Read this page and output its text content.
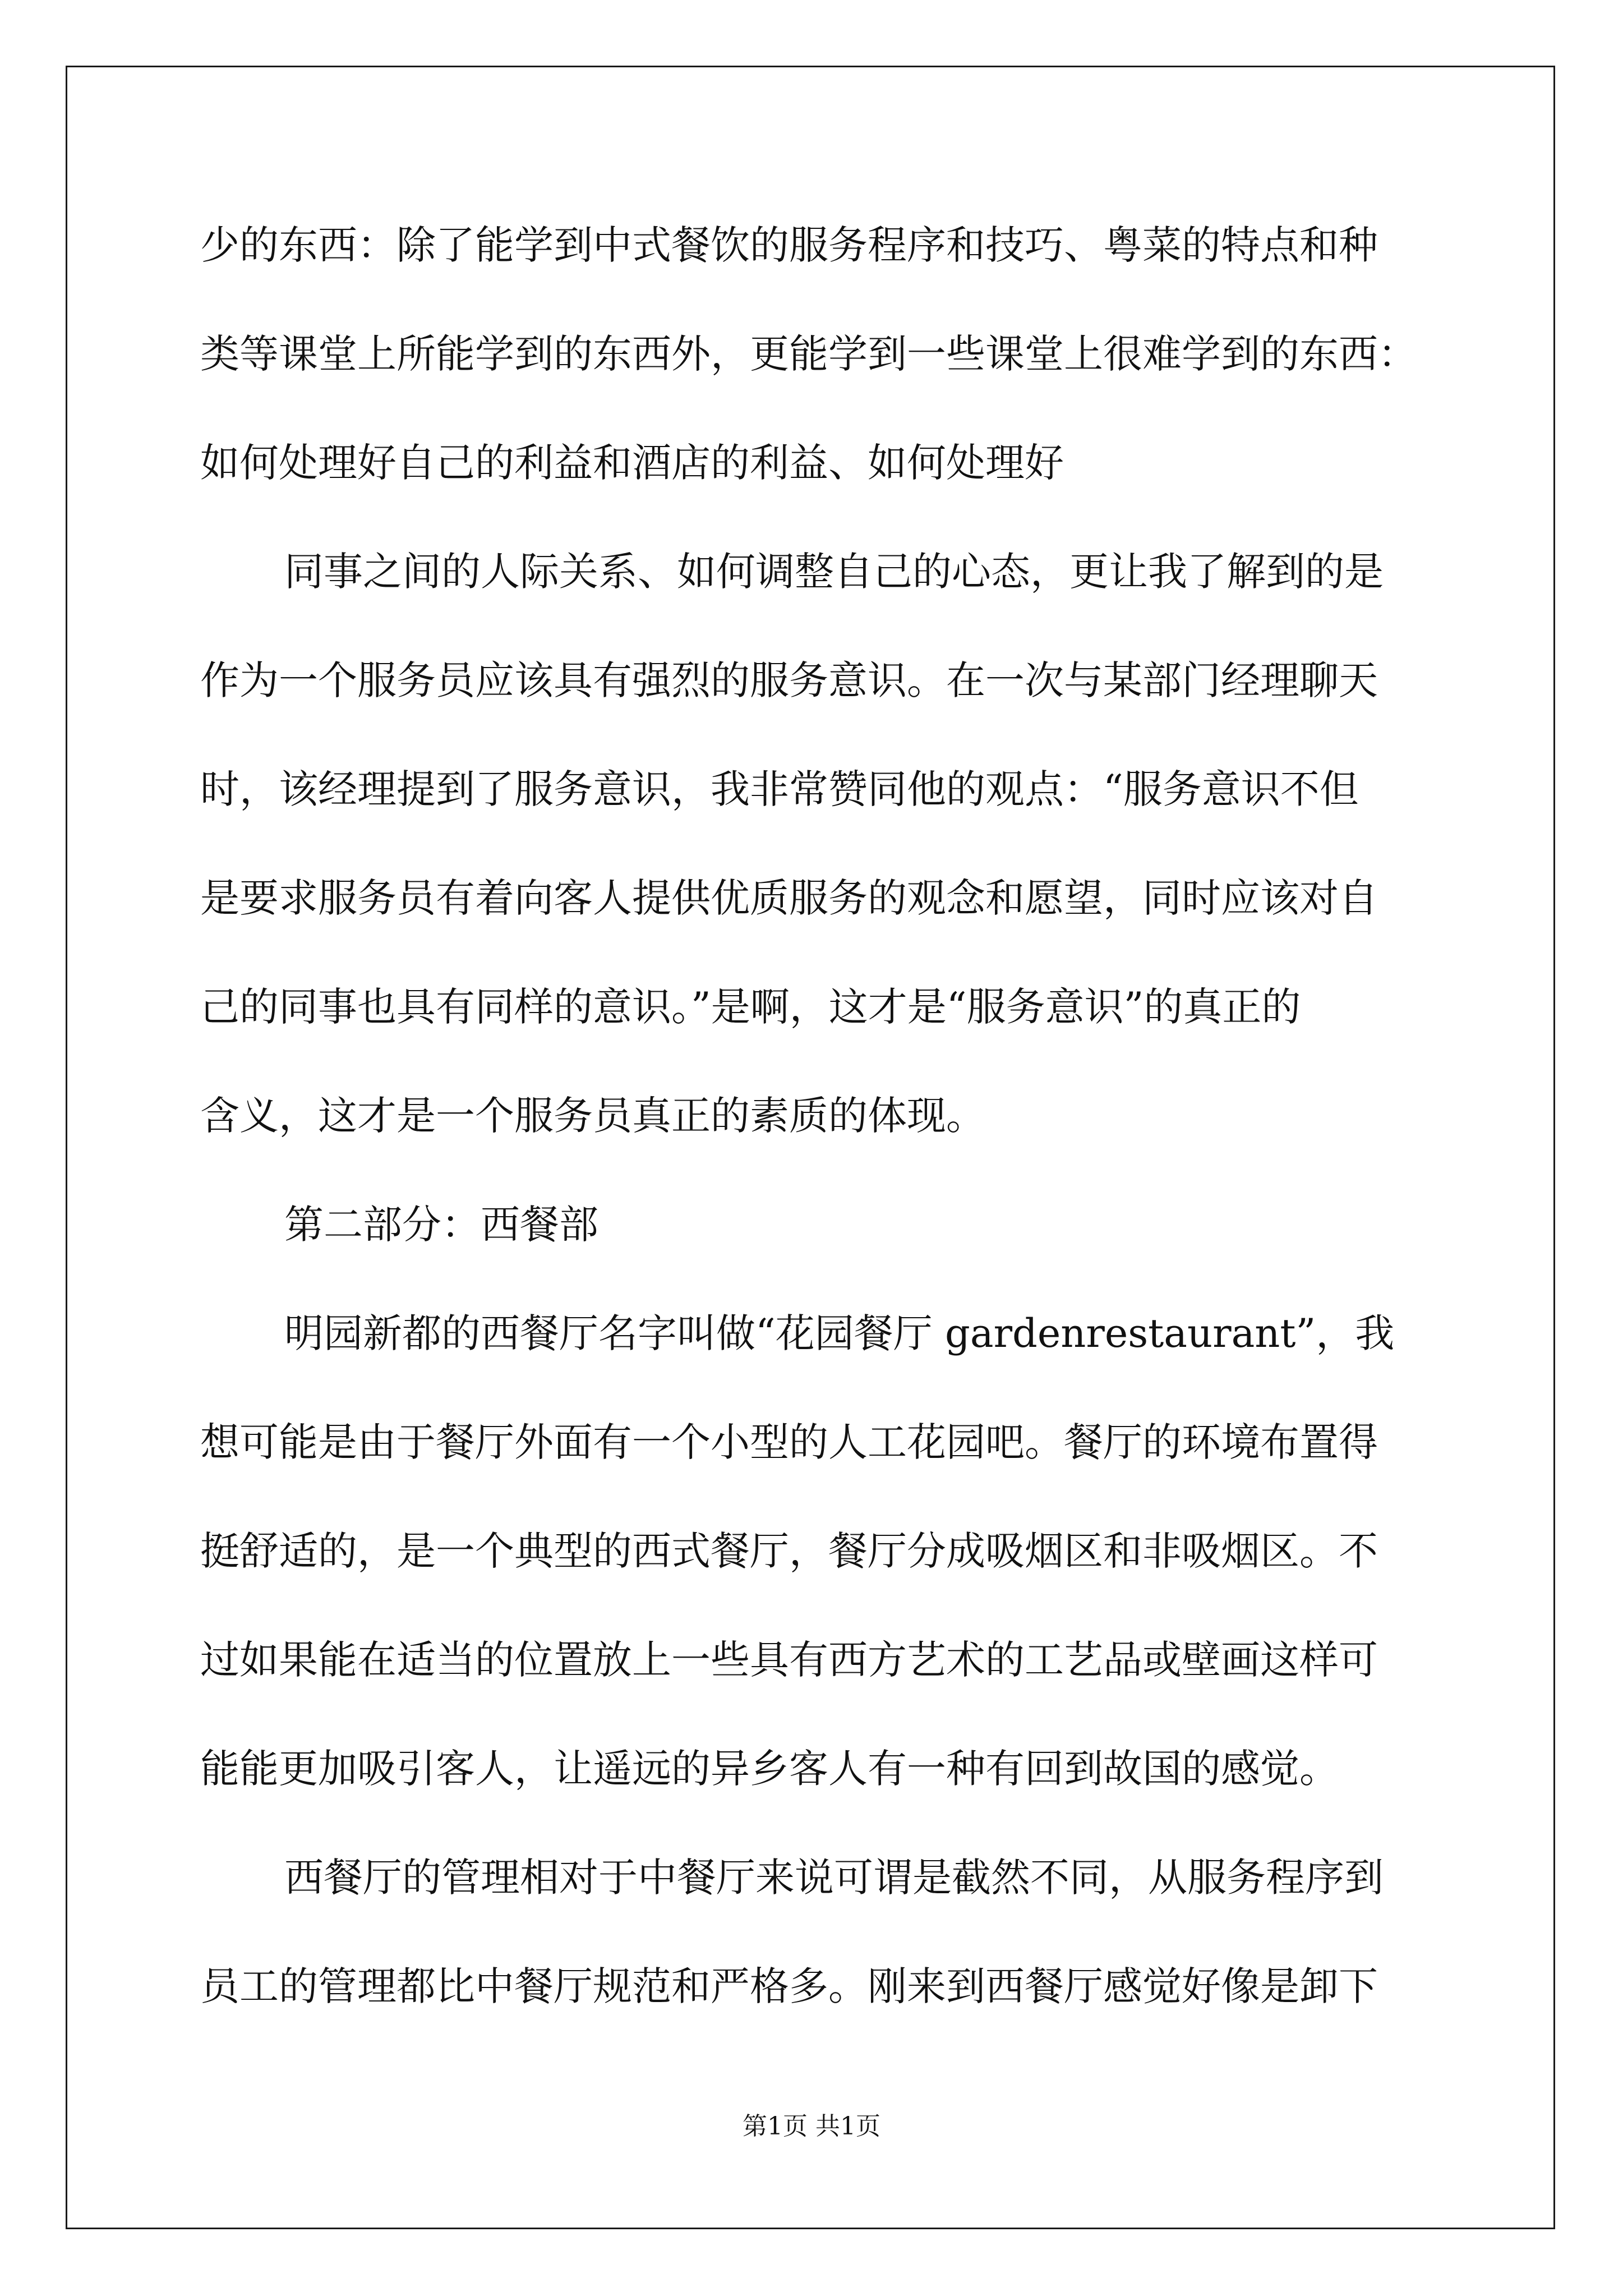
少的东西：除了能学到中式餐饮的服务程序和技巧、粤菜的特点和种
类等课堂上所能学到的东西外，更能学到一些课堂上很难学到的东西：
如何处理好自己的利益和酒店的利益、如何处理好
同事之间的人际关系、如何调整自己的心态，更让我了解到的是
作为一个服务员应该具有强烈的服务意识。在一次与某部门经理聊天
时，该经理提到了服务意识，我非常赞同他的观点：“服务意识不但
是要求服务员有着向客人提供优质服务的观念和愿望，同时应该对自
己的同事也具有同样的意识。”是啊，这才是“服务意识”的真正的
含义，这才是一个服务员真正的素质的体现。
第二部分：西餐部
明园新都的西餐厅名字叫做“花园餐厅 gardenrestaurant”，我
想可能是由于餐厅外面有一个小型的人工花园吧。餐厅的环境布置得
挺舒适的，是一个典型的西式餐厅，餐厅分成吸烟区和非吸烟区。不
过如果能在适当的位置放上一些具有西方艺术的工艺品或壁画这样可
能能更加吸引客人，让遥远的异乡客人有一种有回到故国的感觉。
西餐厅的管理相对于中餐厅来说可谓是截然不同，从服务程序到
员工的管理都比中餐厅规范和严格多。刚来到西餐厅感觉好像是卸下
第1页 共1页
